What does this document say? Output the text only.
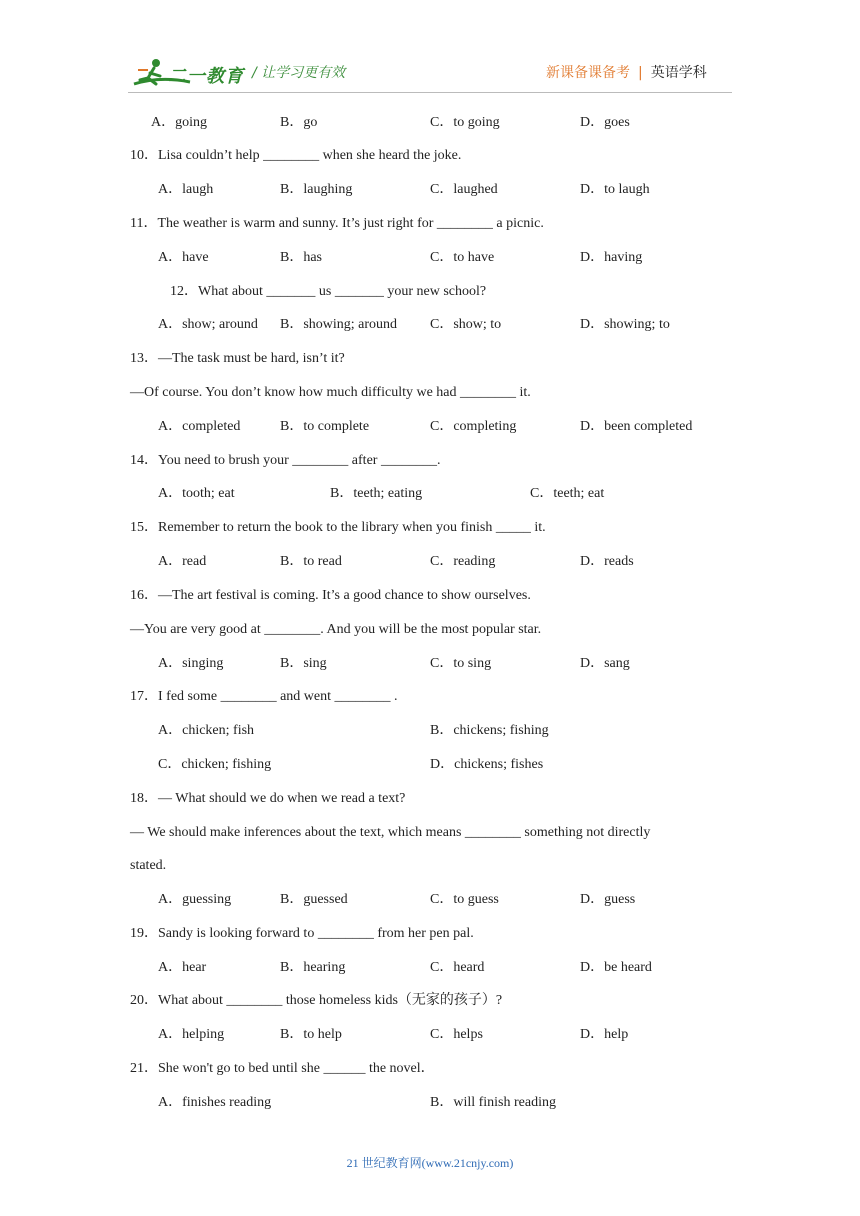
二一教育 / 让学习更有效	新课备课备考 | 英语学科
A．going	B．go	C．to going	D．goes
10．Lisa couldn’t help ________ when she heard the joke.
A．laugh	B．laughing	C．laughed	D．to laugh
11．The weather is warm and sunny. It’s just right for ________ a picnic.
A．have	B．has	C．to have	D．having
12．What about _______ us _______ your new school?
A．show; around B．showing; around C．show; to	D．showing; to
13．—The task must be hard, isn’t it?
—Of course. You don’t know how much difficulty we had ________ it.
A．completed	B．to complete	C．completing	D．been completed
14．You need to brush your ________ after ________.
A．tooth; eat	B．teeth; eating	C．teeth; eat
15．Remember to return the book to the library when you finish _____ it.
A．read	B．to read	C．reading	D．reads
16．—The art festival is coming. It’s a good chance to show ourselves.
—You are very good at ________. And you will be the most popular star.
A．singing	B．sing	C．to sing	D．sang
17．I fed some ________ and went ________ .
A．chicken; fish	B．chickens; fishing
C．chicken; fishing	D．chickens; fishes
18．— What should we do when we read a text?
— We should make inferences about the text, which means ________ something not directly
stated.
A．guessing	B．guessed	C．to guess	D．guess
19．Sandy is looking forward to ________ from her pen pal.
A．hear	B．hearing	C．heard	D．be heard
20．What about ________ those homeless kids（无家的孩子）?
A．helping	B．to help	C．helps	D．help
21．She won't go to bed until she ______ the novel．
A．finishes reading	B．will finish reading
21 世纪教育网(www.21cnjy.com)
